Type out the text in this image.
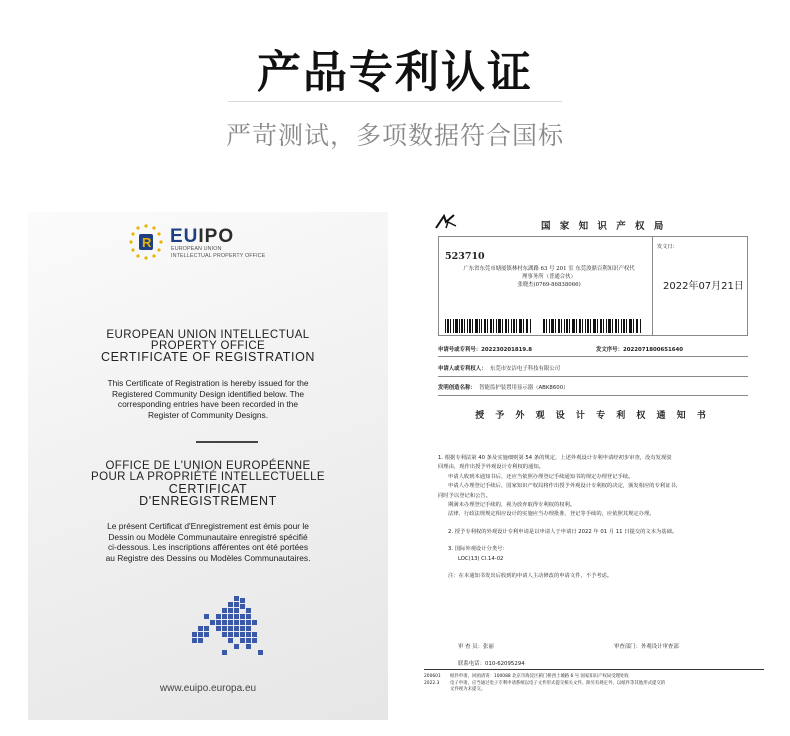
产品专利认证
严苛测试，多项数据符合国标
R EUIPO
EUROPEAN UNION
INTELLECTUAL PROPERTY OFFICE
EUROPEAN UNION INTELLECTUAL
PROPERTY OFFICE
CERTIFICATE OF REGISTRATION
This Certificate of Registration is hereby issued for the
Registered Community Design identified below. The
corresponding entries have been recorded in the
Register of Community Designs.
OFFICE DE L'UNION EUROPÉENNE
POUR LA PROPRIÉTÉ INTELLECTUELLE
CERTIFICAT
D'ENREGISTREMENT
Le présent Certificat d'Enregistrement est émis pour le
Dessin ou Modèle Communautaire enregistré spécifié
ci-dessous. Les inscriptions afférentes ont été portées
au Registre des Dessins ou Modèles Communautaires.
www.euipo.europa.eu
国 家 知 识 产 权 局
523710
广东省东莞市塘厦镇林村东湖路 63 号 201 室 东莞浚鼎百利知识产权代
理事务所（普通合伙）
张晓杰(0769-86838066)
发文日：
2022年07月21日
申请号或专利号：202230201819.8	发文序号：2022071800651640
申请人或专利权人： 东莞市安洁电子科技有限公司
发明创造名称： 智能监护装置用显示器（ABK8600）
授 予 外 观 设 计 专 利 权 通 知 书

1. 根据专利法第 40 条及实施细则第 54 条的规定，上述外观设计专利申请经初步审查，没有发现驳

回理由，现作出授予外观设计专利权的通知。

申请人收到本通知书后，还应当依照办理登记手续通知书的规定办理登记手续。

申请人办理登记手续后，国家知识产权局将作出授予外观设计专利权的决定，颁发相应的专利证书，

同时予以登记和公告。

期满未办理登记手续的，视为放弃取得专利权的权利。

法律、行政法规规定相应设计的实施应当办理批准、登记等手续的，应依照其规定办理。

2. 授予专利权的外观设计专利申请是以申请人于申请日 2022 年 01 月 11 日提交的文本为基础。

3. 国际外观设计分类号：

LOC(13) Cl.14-02

注：在本通知书发出后收到的申请人主动修改的申请文件，不予考虑。

审 查 员：张丽	审查部门：外观设计审查部
联系电话：010-62095294
200601 纸件申请，回函请寄：100088 北京市海淀区蓟门桥西土城路 6 号 国家知识产权局受理处收
2022.3 电子申请，应当通过电子专利申请系统以电子文件形式提交相关文件。除另有规定外，以纸件等其他形式提交的
文件视为未提交。
